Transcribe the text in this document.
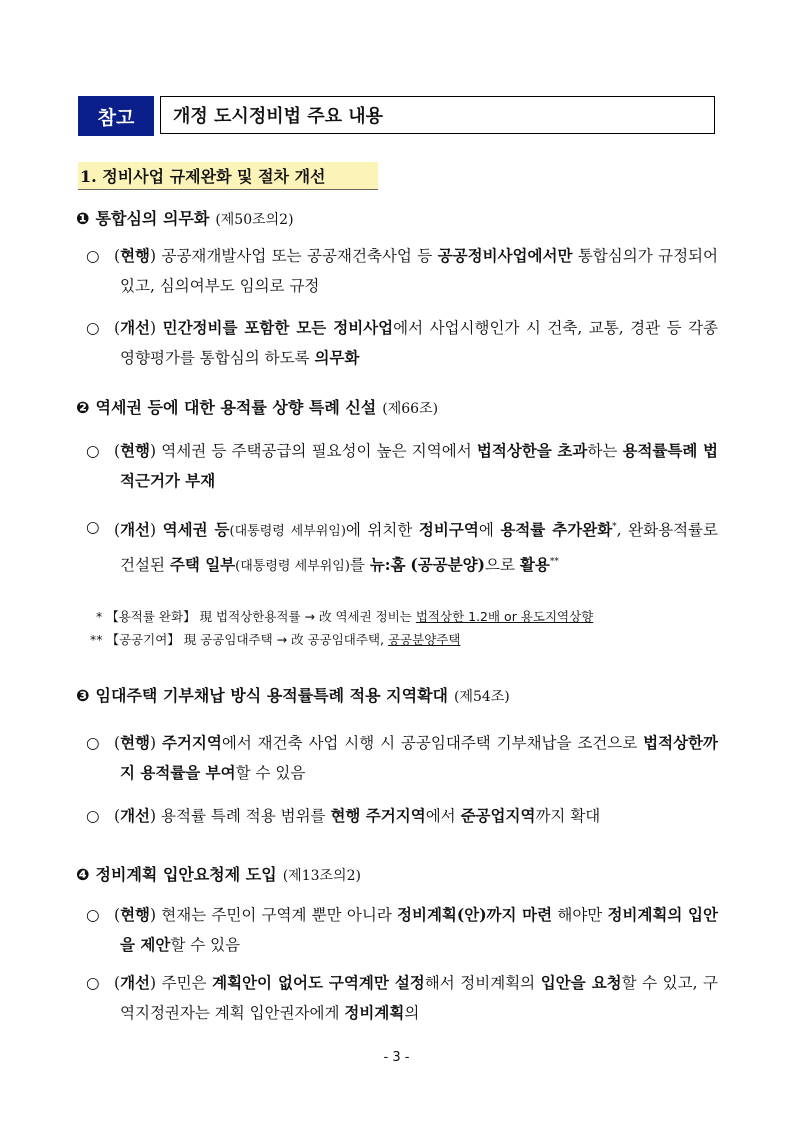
참고	개정 도시정비법 주요 내용
1. 정비사업 규제완화 및 절차 개선
❶ 통합심의 의무화 (제50조의2)
○ (현행) 공공재개발사업 또는 공공재건축사업 등 공공정비사업에서만 통합심의가 규정되어 있고, 심의여부도 임의로 규정
○ (개선) 민간정비를 포함한 모든 정비사업에서 사업시행인가 시 건축, 교통, 경관 등 각종 영향평가를 통합심의 하도록 의무화
❷ 역세권 등에 대한 용적률 상향 특례 신설 (제66조)
○ (현행) 역세권 등 주택공급의 필요성이 높은 지역에서 법적상한을 초과하는 용적률특례 법적근거가 부재
○ (개선) 역세권 등(대통령령 세부위임)에 위치한 정비구역에 용적률 추가완화*, 완화용적률로 건설된 주택 일부(대통령령 세부위임)를 뉴:홈 (공공분양)으로 활용**
* 【용적률 완화】 現 법적상한용적률 → 改 역세권 정비는 법적상한 1.2배 or 용도지역상향
** 【공공기여】 現 공공임대주택 → 改 공공임대주택, 공공분양주택
❸ 임대주택 기부채납 방식 용적률특례 적용 지역확대 (제54조)
○ (현행) 주거지역에서 재건축 사업 시행 시 공공임대주택 기부채납을 조건으로 법적상한까지 용적률을 부여할 수 있음
○ (개선) 용적률 특례 적용 범위를 현행 주거지역에서 준공업지역까지 확대
❹ 정비계획 입안요청제 도입 (제13조의2)
○ (현행) 현재는 주민이 구역계 뿐만 아니라 정비계획(안)까지 마련 해야만 정비계획의 입안을 제안할 수 있음
○ (개선) 주민은 계획안이 없어도 구역계만 설정해서 정비계획의 입안을 요청할 수 있고, 구역지정권자는 계획 입안권자에게 정비계획의
- 3 -
